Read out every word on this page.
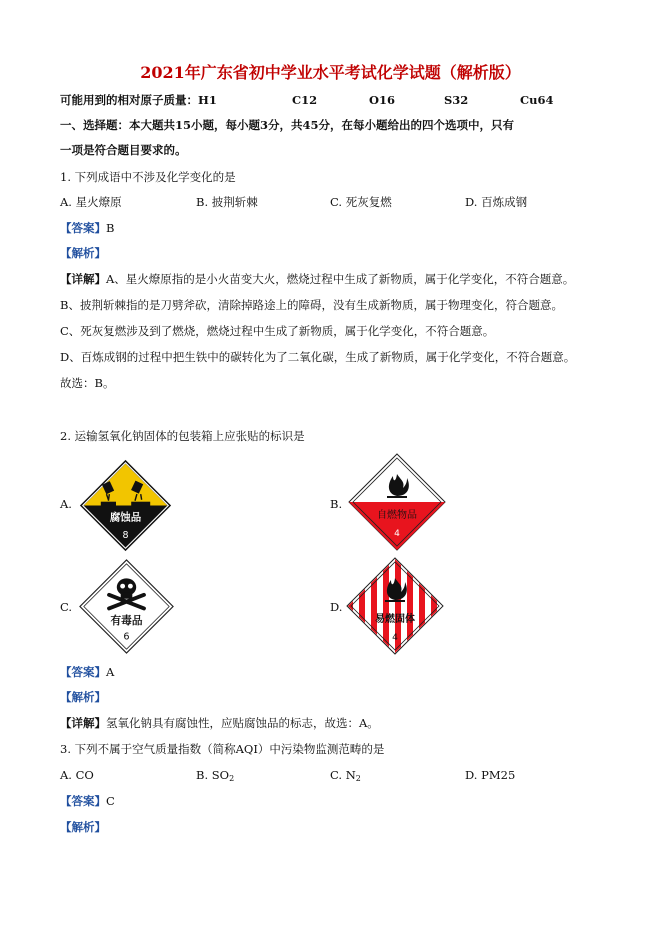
2021年广东省初中学业水平考试化学试题（解析版）
可能用到的相对原子质量：H1	C12	O16	S32	Cu64
一、选择题：本大题共15小题，每小题3分，共45分，在每小题给出的四个选项中，只有
一项是符合题目要求的。
1. 下列成语中不涉及化学变化的是
A. 星火燎原	B. 披荆斩棘	C. 死灰复燃	D. 百炼成钢
【答案】B
【解析】
【详解】A、星火燎原指的是小火苗变大火，燃烧过程中生成了新物质，属于化学变化，不符合题意。
B、披荆斩棘指的是刀劈斧砍，清除掉路途上的障碍，没有生成新物质，属于物理变化，符合题意。
C、死灰复燃涉及到了燃烧，燃烧过程中生成了新物质，属于化学变化，不符合题意。
D、百炼成钢的过程中把生铁中的碳转化为了二氧化碳，生成了新物质，属于化学变化，不符合题意。
故选：B。
2. 运输氢氧化钠固体的包装箱上应张贴的标识是
A.
腐蚀品
8
B.
自燃物品
4
C.
有毒品
6
D.
易燃固体
4
【答案】A
【解析】
【详解】氢氧化钠具有腐蚀性，应贴腐蚀品的标志，故选：A。
3. 下列不属于空气质量指数（简称AQI）中污染物监测范畴的是
A. CO	B. $SO_2$	C. $N_2$	D. PM25
【答案】C
【解析】
